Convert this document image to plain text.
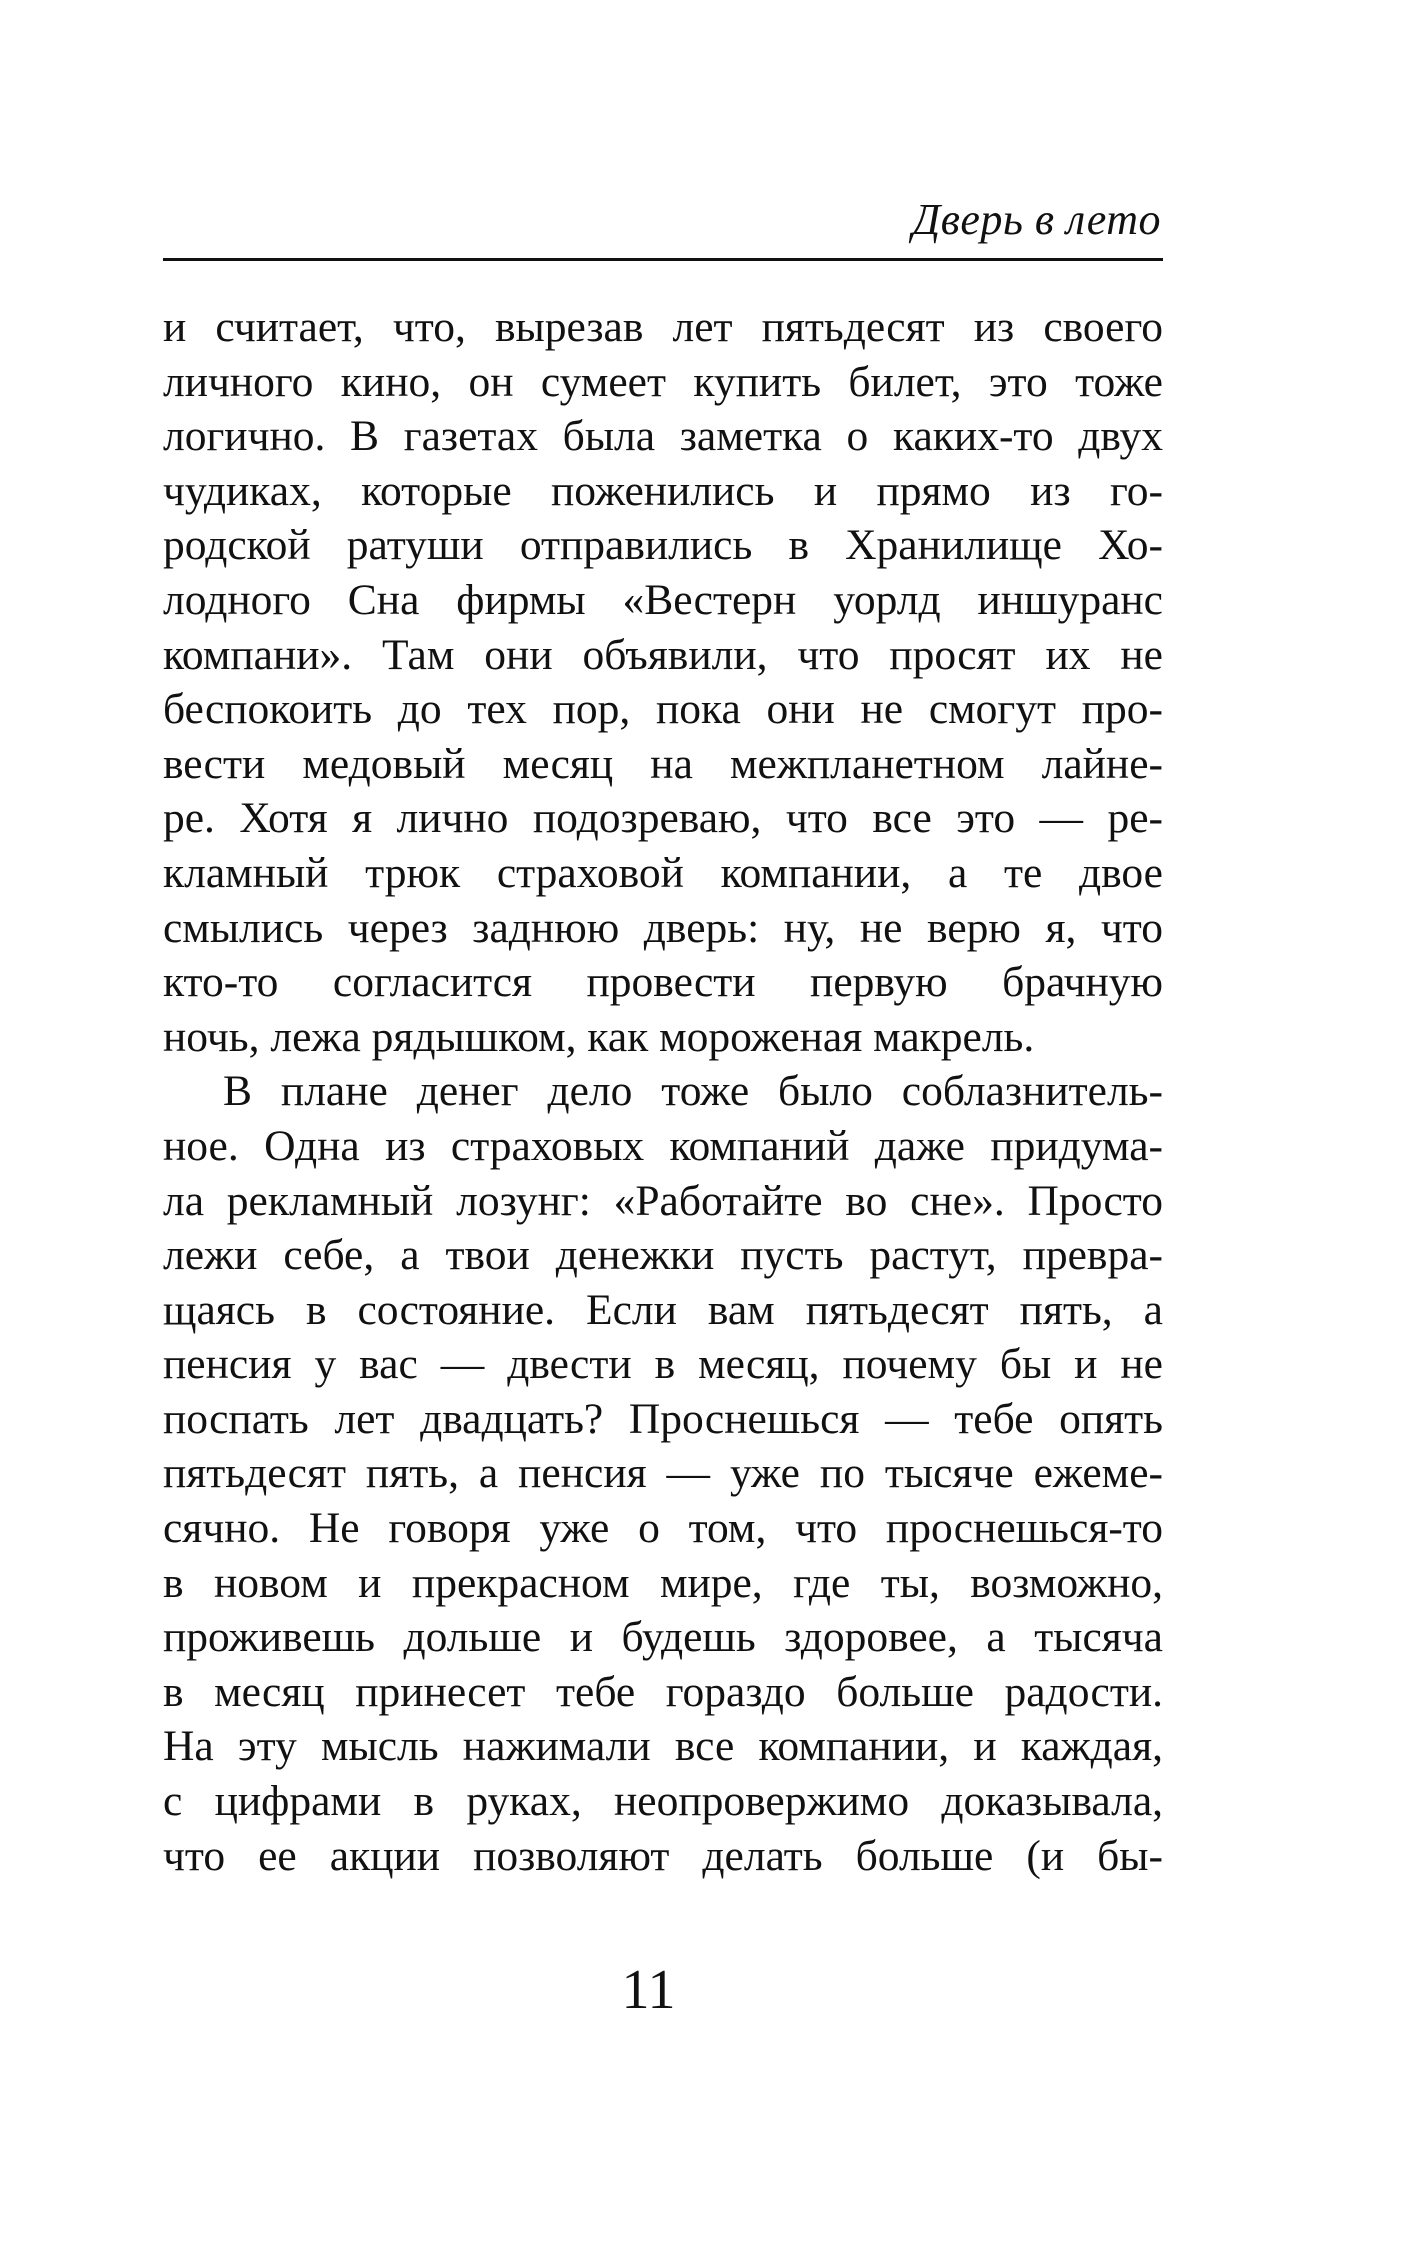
Дверь в лето
и считает, что, вырезав лет пятьдесят из своего
личного кино, он сумеет купить билет, это тоже
логично. В газетах была заметка о каких-то двух
чудиках, которые поженились и прямо из го-
родской ратуши отправились в Хранилище Хо-
лодного Сна фирмы «Вестерн уорлд иншуранс
компани». Там они объявили, что просят их не
беспокоить до тех пор, пока они не смогут про-
вести медовый месяц на межпланетном лайне-
ре. Хотя я лично подозреваю, что все это — ре-
кламный трюк страховой компании, а те двое
смылись через заднюю дверь: ну, не верю я, что
кто-то согласится провести первую брачную
ночь, лежа рядышком, как мороженая макрель.
В плане денег дело тоже было соблазнитель-
ное. Одна из страховых компаний даже придума-
ла рекламный лозунг: «Работайте во сне». Просто
лежи себе, а твои денежки пусть растут, превра-
щаясь в состояние. Если вам пятьдесят пять, а
пенсия у вас — двести в месяц, почему бы и не
поспать лет двадцать? Проснешься — тебе опять
пятьдесят пять, а пенсия — уже по тысяче ежеме-
сячно. Не говоря уже о том, что проснешься-то
в новом и прекрасном мире, где ты, возможно,
проживешь дольше и будешь здоровее, а тысяча
в месяц принесет тебе гораздо больше радости.
На эту мысль нажимали все компании, и каждая,
с цифрами в руках, неопровержимо доказывала,
что ее акции позволяют делать больше (и бы-
11
